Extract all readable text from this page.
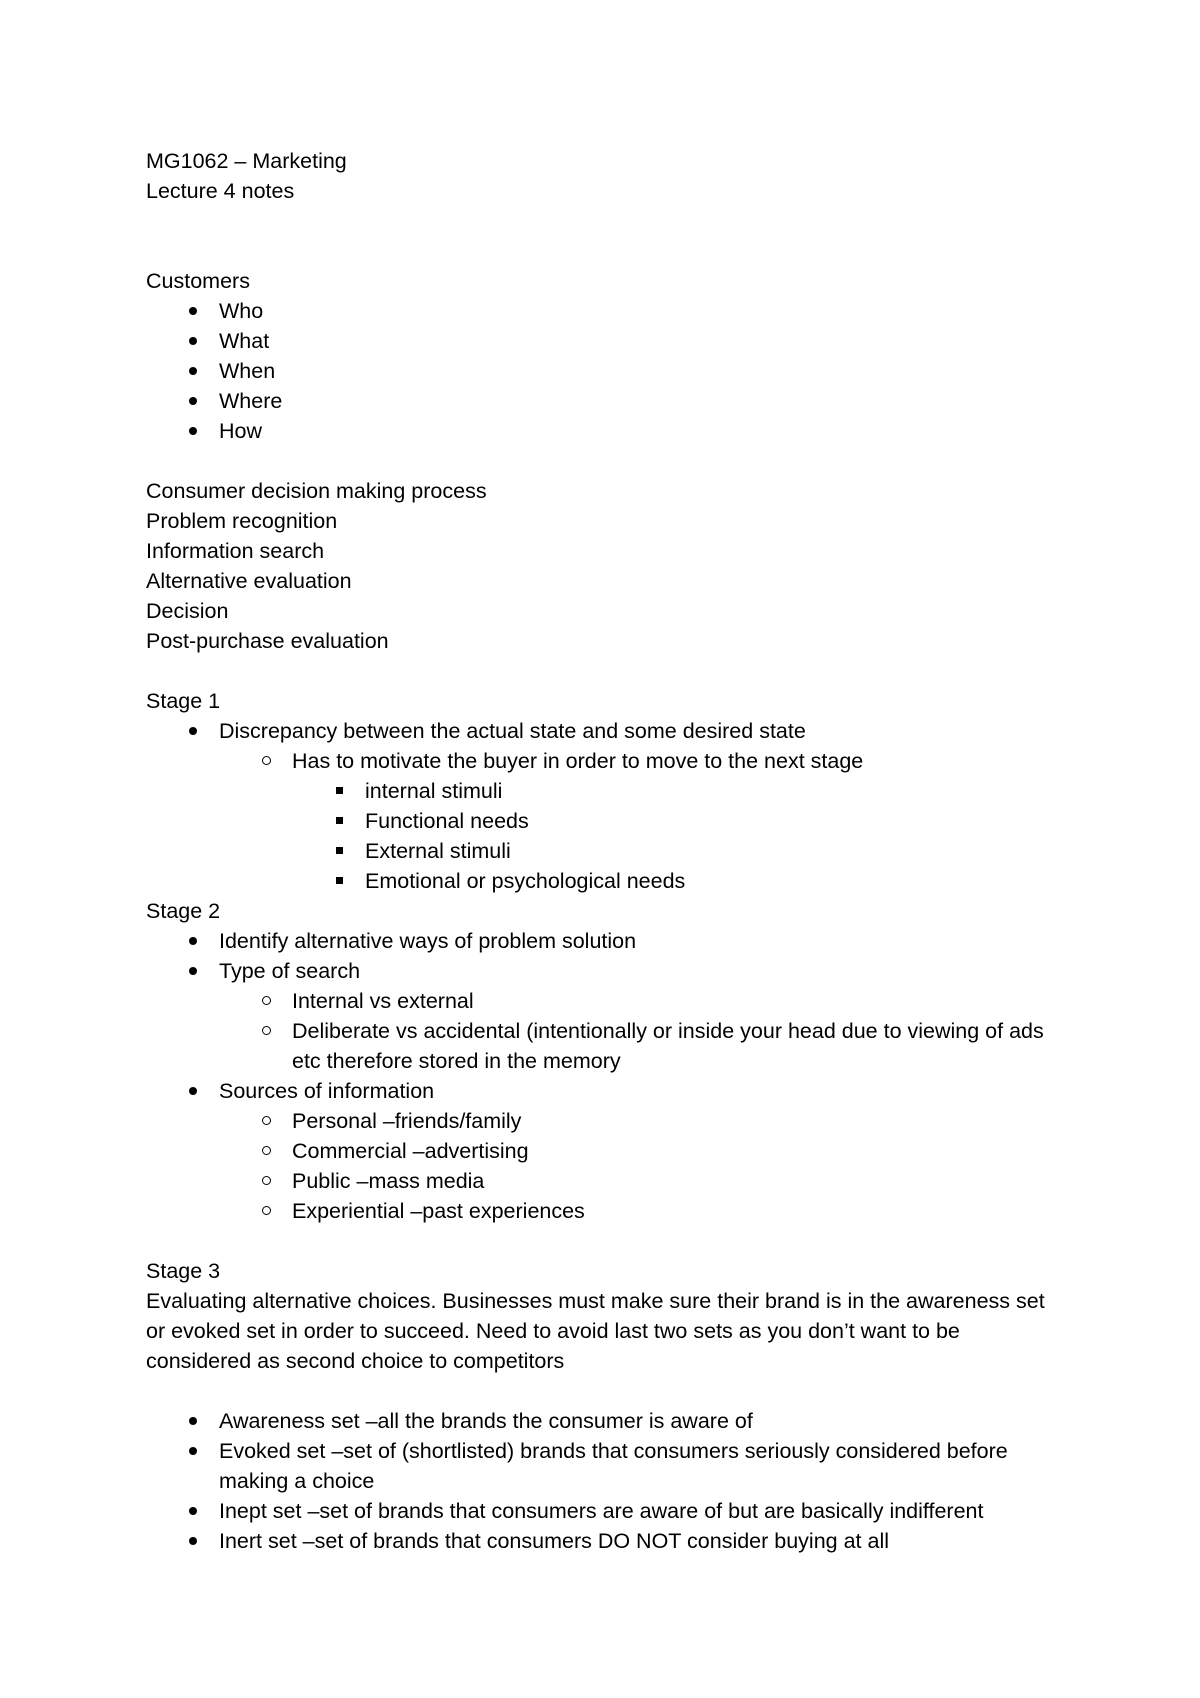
MG1062 – Marketing

Lecture 4 notes

Customers

Who
What
When
Where
How

Consumer decision making process

Problem recognition

Information search

Alternative evaluation

Decision

Post-purchase evaluation

Stage 1

Discrepancy between the actual state and some desired state
Has to motivate the buyer in order to move to the next stage
internal stimuli
Functional needs
External stimuli
Emotional or psychological needs

Stage 2

Identify alternative ways of problem solution
Type of search
Internal vs external
Deliberate vs accidental (intentionally or inside your head due to viewing of ads etc therefore stored in the memory
Sources of information
Personal –friends/family
Commercial –advertising
Public –mass media
Experiential –past experiences

Stage 3

Evaluating alternative choices. Businesses must make sure their brand is in the awareness set or evoked set in order to succeed. Need to avoid last two sets as you don’t want to be considered as second choice to competitors

Awareness set –all the brands the consumer is aware of
Evoked set –set of (shortlisted) brands that consumers seriously considered before making a choice
Inept set –set of brands that consumers are aware of but are basically indifferent
Inert set –set of brands that consumers DO NOT consider buying at all
